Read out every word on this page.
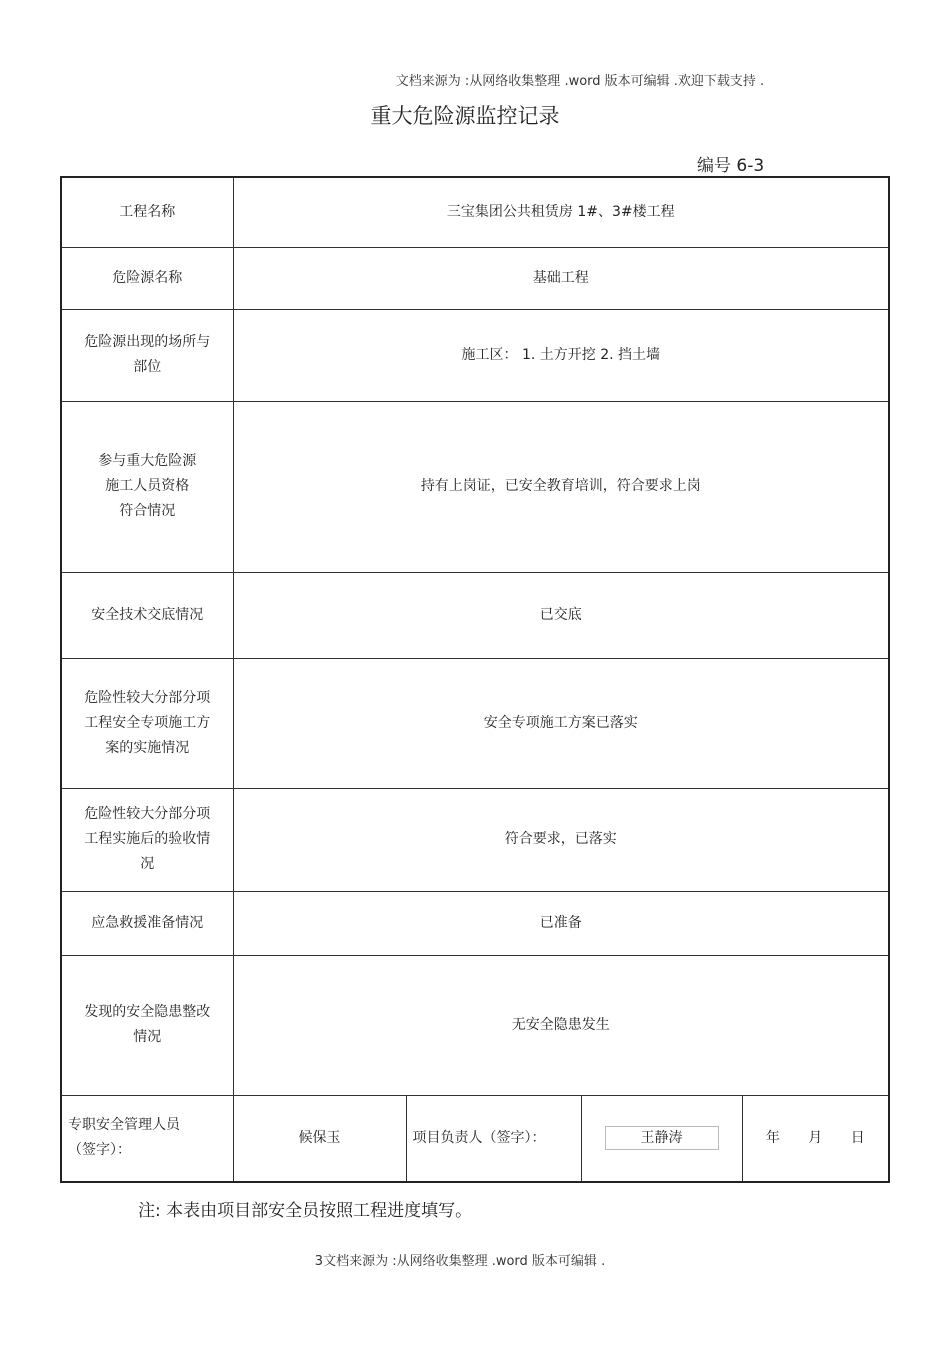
文档来源为 :从网络收集整理 .word 版本可编辑 .欢迎下载支持 .
重大危险源监控记录
编号 6-3
工程名称	三宝集团公共租赁房 1#、3#楼工程			
危险源名称	基础工程			

危险源出现的场所与
部位	施工区： 1. 土方开挖 2. 挡土墙			

参与重大危险源
施工人员资格
符合情况	持有上岗证，已安全教育培训，符合要求上岗			
安全技术交底情况	已交底			

危险性较大分部分项
工程安全专项施工方
案的实施情况	安全专项施工方案已落实			

危险性较大分部分项
工程实施后的验收情
况	符合要求，已落实			
应急救援准备情况	已准备			

发现的安全隐患整改
情况	无安全隐患发生			

专职安全管理人员
（签字）：	候保玉	项目负责人（签字）：	王静涛	年 月 日
注: 本表由项目部安全员按照工程进度填写。
3文档来源为 :从网络收集整理 .word 版本可编辑 .
